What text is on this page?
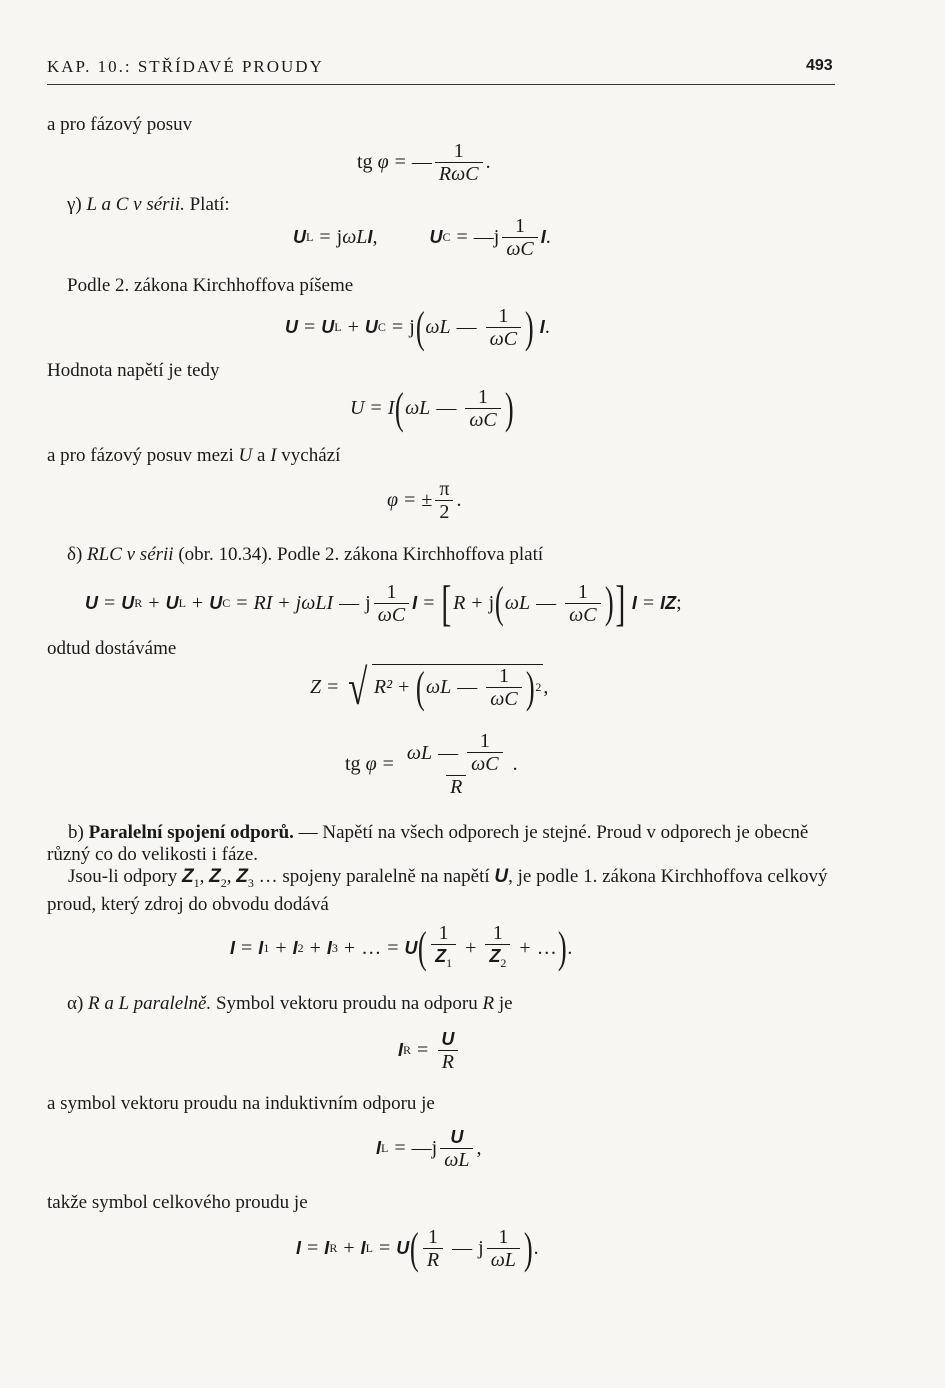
KAP. 10.: STŘÍDAVÉ PROUDY	493
a pro fázový posuv
tg
φ = — $\frac{1}{\text{RωC}}$ .
γ) L a C v sérii. Platí:
U L = j ωL I ,	U C = — j $\frac{1}{\omega C}$ I .
Podle 2. zákona Kirchhoffova píšeme
U = U L + U C = j ( ωL — $\frac{1}{\omega C}$ )
I .
Hodnota napětí je tedy
U = I ( ωL — $\frac{1}{\omega C}$ )
a pro fázový posuv mezi U a I vychází
φ = ± $\frac{\pi}{2}$ .
δ) RLC v sérii (obr. 10.34). Podle 2. zákona Kirchhoffova platí
U = U R + U L + U C = RI + jωLI — j $\frac{1}{\omega C}$ I = [ R + j ( ωL — $\frac{1}{\omega C}$ ) ]
I = IZ ;
odtud dostáváme
Z = √ R² + ( ωL — $\frac{1}{\omega C}$ ) 2 ,
tg
$\varphi = \frac{\omega L — \frac{1}{\omega C}}{R}$ .

b) Paralelní spojení odporů. — Napětí na všech odporech je stejné. Proud v odporech je obecně různý co do velikosti i fáze.

Jsou-li odpory $Z_1$, $Z_2$, $Z_3$ … spojeny paralelně na napětí U, je podle 1. zákona Kirchhoffova celkový proud, který zdroj do obvodu dodává

I = I 1 + I 2 + I 3 + … = U ( $\frac{1}{Z_1} + \frac{1}{Z_2}$ + … ) .
α) R a L paralelně. Symbol vektoru proudu na odporu R je
I $R = \frac{U}{R}$
a symbol vektoru proudu na induktivním odporu je
I L = — j $\frac{U}{\omega L}$ ,
takže symbol celkového proudu je
I = I R + I L = U ( $\frac{1}{R}$ — j $\frac{1}{\omega L}$ ) .
